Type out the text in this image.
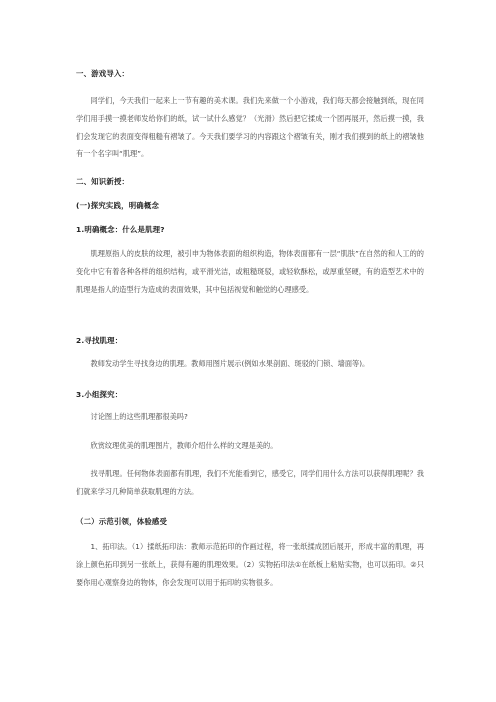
一、游戏导入：
同学们，今天我们一起来上一节有趣的美术课。我们先来做一个小游戏，我们每天都会接触到纸，现在同学们用手摸一摸老师发给你们的纸，试一试什么感觉？（光滑）然后把它揉成一个团再展开，然后摸一摸，我们会发现它的表面变得粗糙有褶皱了。今天我们要学习的内容跟这个褶皱有关，刚才我们摸到的纸上的褶皱他有一个名字叫“肌理”。
二、知识新授：
(一)探究实践，明确概念
1.明确概念：什么是肌理?
肌理原指人的皮肤的纹理，被引申为物体表面的组织构造，物体表面都有一层“肌肤”在自然的和人工的的变化中它有着各种各样的组织结构，或平滑光洁，或粗糙斑驳，或轻软酥松，或厚重坚硬，有的造型艺术中的肌理是指人的造型行为造成的表面效果，其中包括视觉和触觉的心理感受。
2.寻找肌理：
教师发动学生寻找身边的肌理。教师用图片展示(例如水果剖面、斑驳的门锁、墙面等)。
3.小组探究：
讨论图上的这些肌理都很美吗?
欣赏纹理优美的肌理图片，教师介绍什么样的文理是美的。
找寻肌理。任何物体表面都有肌理，我们不光能看到它，感受它，同学们用什么方法可以获得肌理呢？我们就来学习几种简单获取肌理的方法。
（二）示范引领，体验感受
1、拓印法。（1）揉纸拓印法：教师示范拓印的作画过程，将一张纸揉成团后展开，形成丰富的肌理，再涂上颜色拓印到另一张纸上，获得有趣的肌理效果。（2）实物拓印法①在纸板上粘贴实物，也可以拓印。②只要你用心观察身边的物体，你会发现可以用于拓印的实物很多。
